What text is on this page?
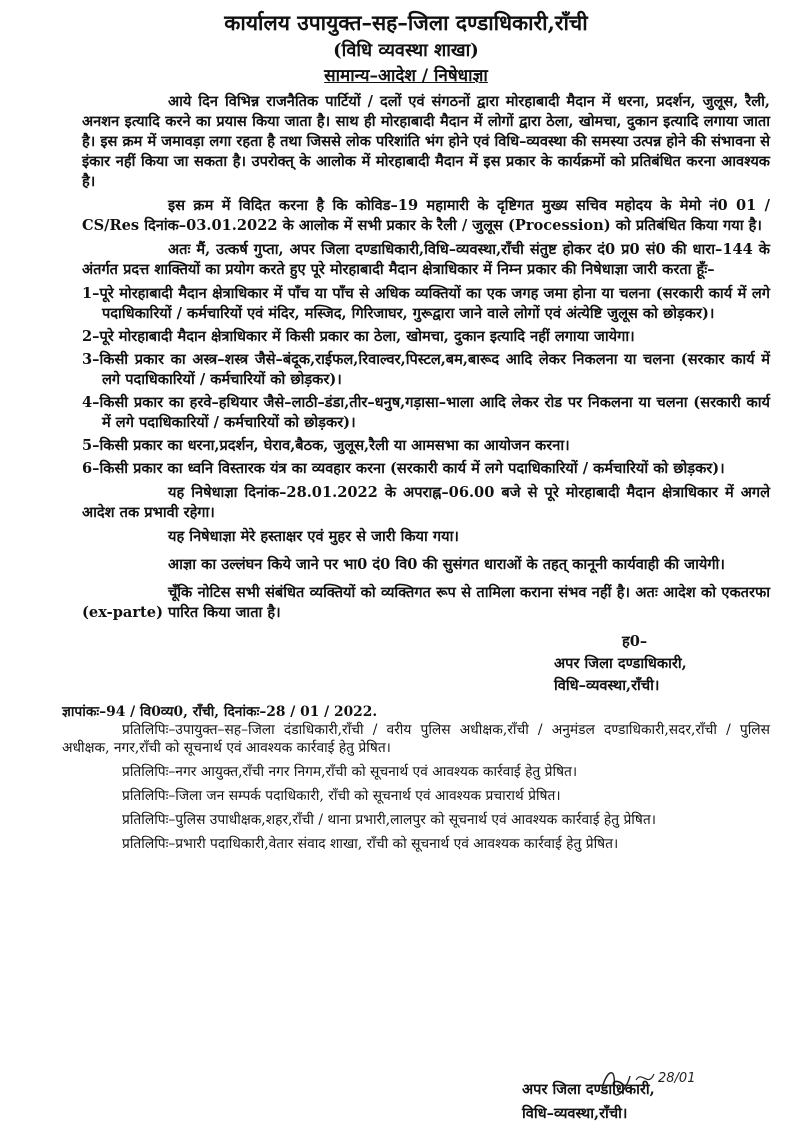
कार्यालय उपायुक्त–सह–जिला दण्डाधिकारी,राँची
(विधि व्यवस्था शाखा)
सामान्य–आदेश / निषेधाज्ञा

आये दिन विभिन्न राजनैतिक पार्टियों / दलों एवं संगठनों द्वारा मोरहाबादी मैदान में धरना, प्रदर्शन, जुलूस, रैली, अनशन इत्यादि करने का प्रयास किया जाता है। साथ ही मोरहाबादी मैदान में लोगों द्वारा ठेला, खोमचा, दुकान इत्यादि लगाया जाता है। इस क्रम में जमावड़ा लगा रहता है तथा जिससे लोक परिशांति भंग होने एवं विधि–व्यवस्था की समस्या उत्पन्न होने की संभावना से इंकार नहीं किया जा सकता है। उपरोक्त् के आलोक में मोरहाबादी मैदान में इस प्रकार के कार्यक्रमों को प्रतिबंधित करना आवश्यक है।

इस क्रम में विदित करना है कि कोविड–19 महामारी के दृष्टिगत मुख्य सचिव महोदय के मेमो नं0 01 / CS/Res दिनांक–03.01.2022 के आलोक में सभी प्रकार के रैली / जुलूस (Procession) को प्रतिबंधित किया गया है।

अतः मैं, उत्कर्ष गुप्ता, अपर जिला दण्डाधिकारी,विधि–व्यवस्था,राँची संतुष्ट होकर दं0 प्र0 सं0 की धारा–144 के अंतर्गत प्रदत्त शाक्तियों का प्रयोग करते हुए पूरे मोरहाबादी मैदान क्षेत्राधिकार में निम्न प्रकार की निषेधाज्ञा जारी करता हूँः–

1–पूरे मोरहाबादी मैदान क्षेत्राधिकार में पाँच या पाँच से अधिक व्यक्तियों का एक जगह जमा होना या चलना (सरकारी कार्य में लगे पदाधिकारियों / कर्मचारियों एवं मंदिर, मस्जिद, गिरिजाघर, गुरूद्वारा जाने वाले लोगों एवं अंत्येष्टि जुलूस को छोड़कर)।

2–पूरे मोरहाबादी मैदान क्षेत्राधिकार में किसी प्रकार का ठेला, खोमचा, दुकान इत्यादि नहीं लगाया जायेगा।

3–किसी प्रकार का अस्त्र–शस्त्र जैसे–बंदूक,राईफल,रिवाल्वर,पिस्टल,बम,बारूद आदि लेकर निकलना या चलना (सरकार कार्य में लगे पदाधिकारियों / कर्मचारियों को छोड़कर)।

4–किसी प्रकार का हरवे–हथियार जैसे–लाठी–डंडा,तीर–धनुष,गड़ासा–भाला आदि लेकर रोड पर निकलना या चलना (सरकारी कार्य में लगे पदाधिकारियों / कर्मचारियों को छोड़कर)।

5–किसी प्रकार का धरना,प्रदर्शन, घेराव,बैठक, जुलूस,रैली या आमसभा का आयोजन करना।

6–किसी प्रकार का ध्वनि विस्तारक यंत्र का व्यवहार करना (सरकारी कार्य में लगे पदाधिकारियों / कर्मचारियों को छोड़कर)।

यह निषेधाज्ञा दिनांक–28.01.2022 के अपराह्न–06.00 बजे से पूरे मोरहाबादी मैदान क्षेत्राधिकार में अगले आदेश तक प्रभावी रहेगा।

यह निषेधाज्ञा मेरे हस्ताक्षर एवं मुहर से जारी किया गया।

आज्ञा का उल्लंघन किये जाने पर भा0 दं0 वि0 की सुसंगत धाराओं के तहत् कानूनी कार्यवाही की जायेगी।

चूँकि नोटिस सभी संबंधित व्यक्तियों को व्यक्तिगत रूप से तामिला कराना संभव नहीं है। अतः आदेश को एकतरफा (ex-parte) पारित किया जाता है।

ह0–
अपर जिला दण्डाधिकारी,
विधि–व्यवस्था,राँची।
ज्ञापांकः–94 / वि0व्य0, राँची, दिनांकः–28 / 01 / 2022.

प्रतिलिपिः–उपायुक्त–सह–जिला दंडाधिकारी,राँची / वरीय पुलिस अधीक्षक,राँची / अनुमंडल दण्डाधिकारी,सदर,राँची / पुलिस अधीक्षक, नगर,राँची को सूचनार्थ एवं आवश्यक कार्रवाई हेतु प्रेषित।

प्रतिलिपिः–नगर आयुक्त,राँची नगर निगम,राँची को सूचनार्थ एवं आवश्यक कार्रवाई हेतु प्रेषित।

प्रतिलिपिः–जिला जन सम्पर्क पदाधिकारी, राँची को सूचनार्थ एवं आवश्यक प्रचारार्थ प्रेषित।

प्रतिलिपिः–पुलिस उपाधीक्षक,शहर,राँची / थाना प्रभारी,लालपुर को सूचनार्थ एवं आवश्यक कार्रवाई हेतु प्रेषित।

प्रतिलिपिः–प्रभारी पदाधिकारी,वेतार संवाद शाखा, राँची को सूचनार्थ एवं आवश्यक कार्रवाई हेतु प्रेषित।

28/01
अपर जिला दण्डाधिकारी,
विधि–व्यवस्था,राँची।
